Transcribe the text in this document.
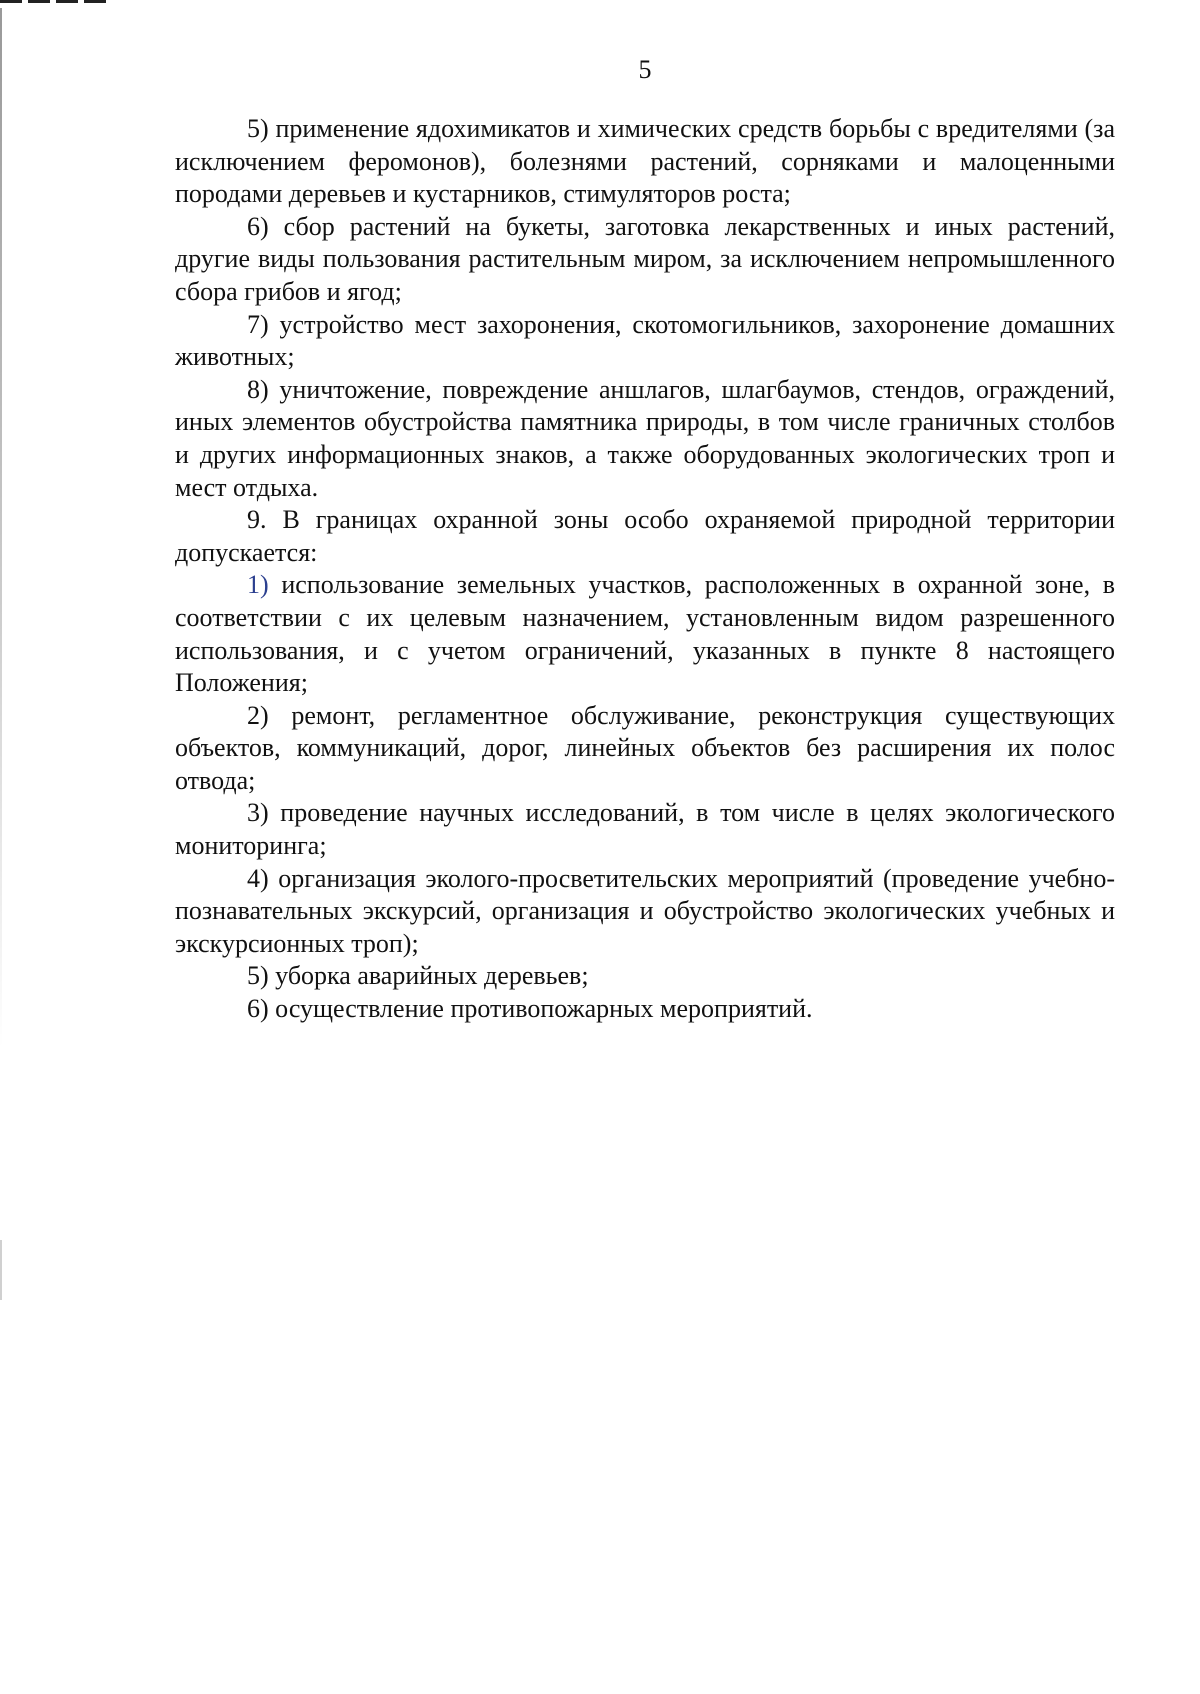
5

5) применение ядохимикатов и химических средств борьбы с вредителями (за исключением феромонов), болезнями растений, сорняками и малоценными породами деревьев и кустарников, стимуляторов роста;

6) сбор растений на букеты, заготовка лекарственных и иных растений, другие виды пользования растительным миром, за исключением непромышленного сбора грибов и ягод;

7) устройство мест захоронения, скотомогильников, захоронение домашних животных;

8) уничтожение, повреждение аншлагов, шлагбаумов, стендов, ограждений, иных элементов обустройства памятника природы, в том числе граничных столбов и других информационных знаков, а также оборудованных экологических троп и мест отдыха.

9. В границах охранной зоны особо охраняемой природной территории допускается:

1) использование земельных участков, расположенных в охранной зоне, в соответствии с их целевым назначением, установленным видом разрешенного использования, и с учетом ограничений, указанных в пункте 8 настоящего Положения;

2) ремонт, регламентное обслуживание, реконструкция существующих объектов, коммуникаций, дорог, линейных объектов без расширения их полос отвода;

3) проведение научных исследований, в том числе в целях экологического мониторинга;

4) организация эколого-просветительских мероприятий (проведение учебно-познавательных экскурсий, организация и обустройство экологических учебных и экскурсионных троп);

5) уборка аварийных деревьев;

6) осуществление противопожарных мероприятий.
